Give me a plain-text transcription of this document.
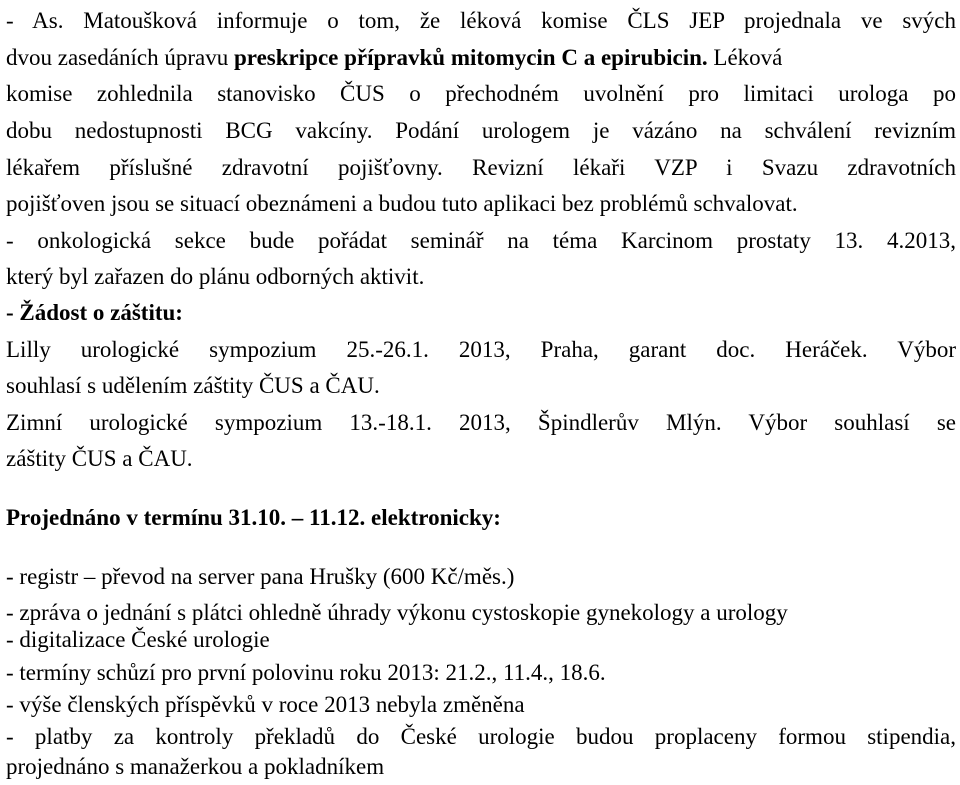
- As. Matoušková informuje o tom, že léková komise ČLS JEP projednala ve svých
dvou zasedáních úpravu preskripce přípravků mitomycin C a epirubicin. Léková
komise zohlednila stanovisko ČUS o přechodném uvolnění pro limitaci urologa po
dobu nedostupnosti BCG vakcíny. Podání urologem je vázáno na schválení revizním
lékařem příslušné zdravotní pojišťovny. Revizní lékaři VZP i Svazu zdravotních
pojišťoven jsou se situací obeznámeni a budou tuto aplikaci bez problémů schvalovat.
- onkologická sekce bude pořádat seminář na téma Karcinom prostaty 13. 4.2013,
který byl zařazen do plánu odborných aktivit.
- Žádost o záštitu:
Lilly urologické sympozium 25.-26.1. 2013, Praha, garant doc. Heráček. Výbor
souhlasí s udělením záštity ČUS a ČAU.
Zimní urologické sympozium 13.-18.1. 2013, Špindlerův Mlýn. Výbor souhlasí se
záštity ČUS a ČAU.
Projednáno v termínu 31.10. – 11.12. elektronicky:
- registr – převod na server pana Hrušky (600 Kč/měs.)
- zpráva o jednání s plátci ohledně úhrady výkonu cystoskopie gynekology a urology
- digitalizace České urologie
- termíny schůzí pro první polovinu roku 2013: 21.2., 11.4., 18.6.
- výše členských příspěvků v roce 2013 nebyla změněna
- platby za kontroly překladů do České urologie budou proplaceny formou stipendia,
projednáno s manažerkou a pokladníkem
